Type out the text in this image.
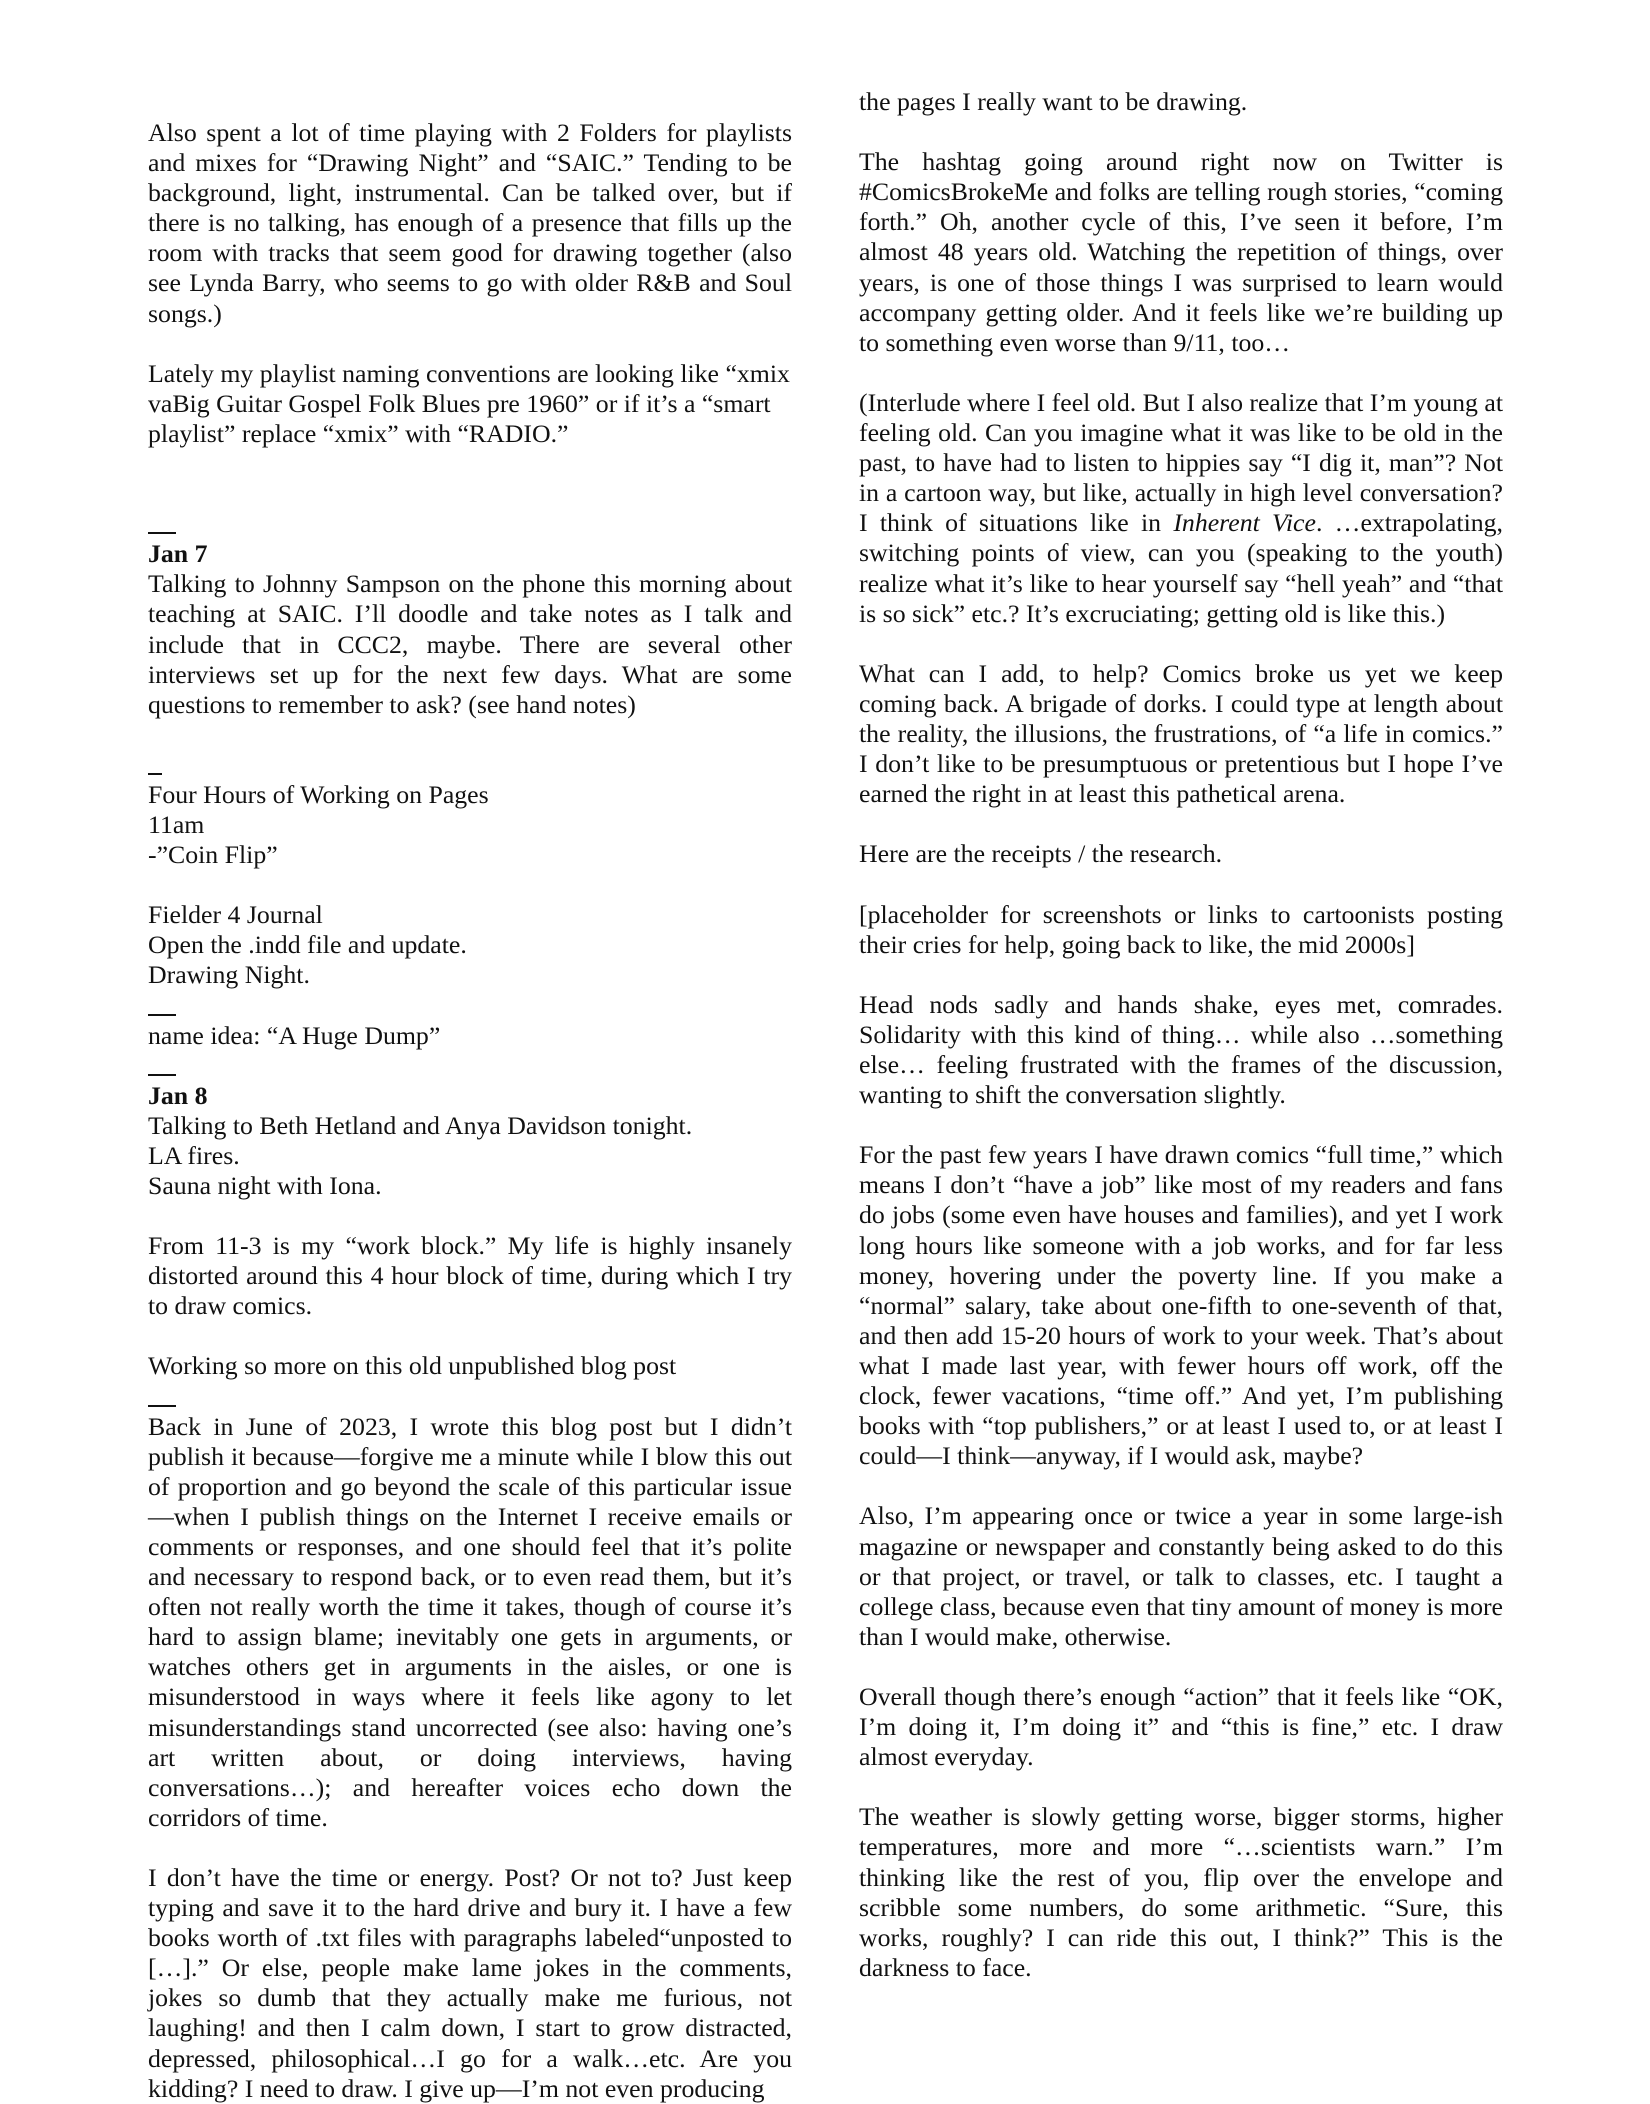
Also spent a lot of time playing with 2 Folders for playlists and mixes for “Drawing Night” and “SAIC.” Tending to be background, light, instrumental. Can be talked over, but if there is no talking, has enough of a presence that fills up the room with tracks that seem good for drawing together (also see Lynda Barry, who seems to go with older R&B and Soul songs.)

Lately my playlist naming conventions are looking like “xmix vaBig Guitar Gospel Folk Blues pre 1960” or if it’s a “smart playlist” replace “xmix” with “RADIO.”

Jan 7

Talking to Johnny Sampson on the phone this morning about teaching at SAIC. I’ll doodle and take notes as I talk and include that in CCC2, maybe. There are several other interviews set up for the next few days. What are some questions to remember to ask? (see hand notes)

Four Hours of Working on Pages
11am

-”Coin Flip”

Fielder 4 Journal
Open the .indd file and update.
Drawing Night.
name idea: “A Huge Dump”
Jan 8
Talking to Beth Hetland and Anya Davidson tonight.
LA fires.

Sauna night with Iona.

From 11-3 is my “work block.” My life is highly insanely distorted around this 4 hour block of time, during which I try to draw comics.

Working so more on this old unpublished blog post

Back in June of 2023, I wrote this blog post but I didn’t publish it because—forgive me a minute while I blow this out of proportion and go beyond the scale of this particular issue—when I publish things on the Internet I receive emails or comments or responses, and one should feel that it’s polite and necessary to respond back, or to even read them, but it’s often not really worth the time it takes, though of course it’s hard to assign blame; inevitably one gets in arguments, or watches others get in arguments in the aisles, or one is misunderstood in ways where it feels like agony to let misunderstandings stand uncorrected (see also: having one’s art written about, or doing interviews, having conversations…); and hereafter voices echo down the corridors of time.

I don’t have the time or energy. Post? Or not to? Just keep typing and save it to the hard drive and bury it. I have a few books worth of .txt files with paragraphs labeled“unposted to […].” Or else, people make lame jokes in the comments, jokes so dumb that they actually make me furious, not laughing! and then I calm down, I start to grow distracted, depressed, philosophical…I go for a walk…etc. Are you kidding? I need to draw. I give up—I’m not even producing

the pages I really want to be drawing.

The hashtag going around right now on Twitter is #ComicsBrokeMe and folks are telling rough stories, “coming forth.” Oh, another cycle of this, I’ve seen it before, I’m almost 48 years old. Watching the repetition of things, over years, is one of those things I was surprised to learn would accompany getting older. And it feels like we’re building up to something even worse than 9/11, too…

(Interlude where I feel old. But I also realize that I’m young at feeling old. Can you imagine what it was like to be old in the past, to have had to listen to hippies say “I dig it, man”? Not in a cartoon way, but like, actually in high level conversation? I think of situations like in Inherent Vice. …extrapolating, switching points of view, can you (speaking to the youth) realize what it’s like to hear yourself say “hell yeah” and “that is so sick” etc.? It’s excruciating; getting old is like this.)

What can I add, to help? Comics broke us yet we keep coming back. A brigade of dorks. I could type at length about the reality, the illusions, the frustrations, of “a life in comics.” I don’t like to be presumptuous or pretentious but I hope I’ve earned the right in at least this pathetical arena.

Here are the receipts / the research.

[placeholder for screenshots or links to cartoonists posting their cries for help, going back to like, the mid 2000s]

Head nods sadly and hands shake, eyes met, comrades. Solidarity with this kind of thing… while also …something else… feeling frustrated with the frames of the discussion, wanting to shift the conversation slightly.

For the past few years I have drawn comics “full time,” which means I don’t “have a job” like most of my readers and fans do jobs (some even have houses and families), and yet I work long hours like someone with a job works, and for far less money, hovering under the poverty line. If you make a “normal” salary, take about one-fifth to one-seventh of that, and then add 15-20 hours of work to your week. That’s about what I made last year, with fewer hours off work, off the clock, fewer vacations, “time off.” And yet, I’m publishing books with “top publishers,” or at least I used to, or at least I could—I think—anyway, if I would ask, maybe?

Also, I’m appearing once or twice a year in some large-ish magazine or newspaper and constantly being asked to do this or that project, or travel, or talk to classes, etc. I taught a college class, because even that tiny amount of money is more than I would make, otherwise.

Overall though there’s enough “action” that it feels like “OK, I’m doing it, I’m doing it” and “this is fine,” etc. I draw almost everyday.

The weather is slowly getting worse, bigger storms, higher temperatures, more and more “…scientists warn.” I’m thinking like the rest of you, flip over the envelope and scribble some numbers, do some arithmetic. “Sure, this works, roughly? I can ride this out, I think?” This is the darkness to face.
